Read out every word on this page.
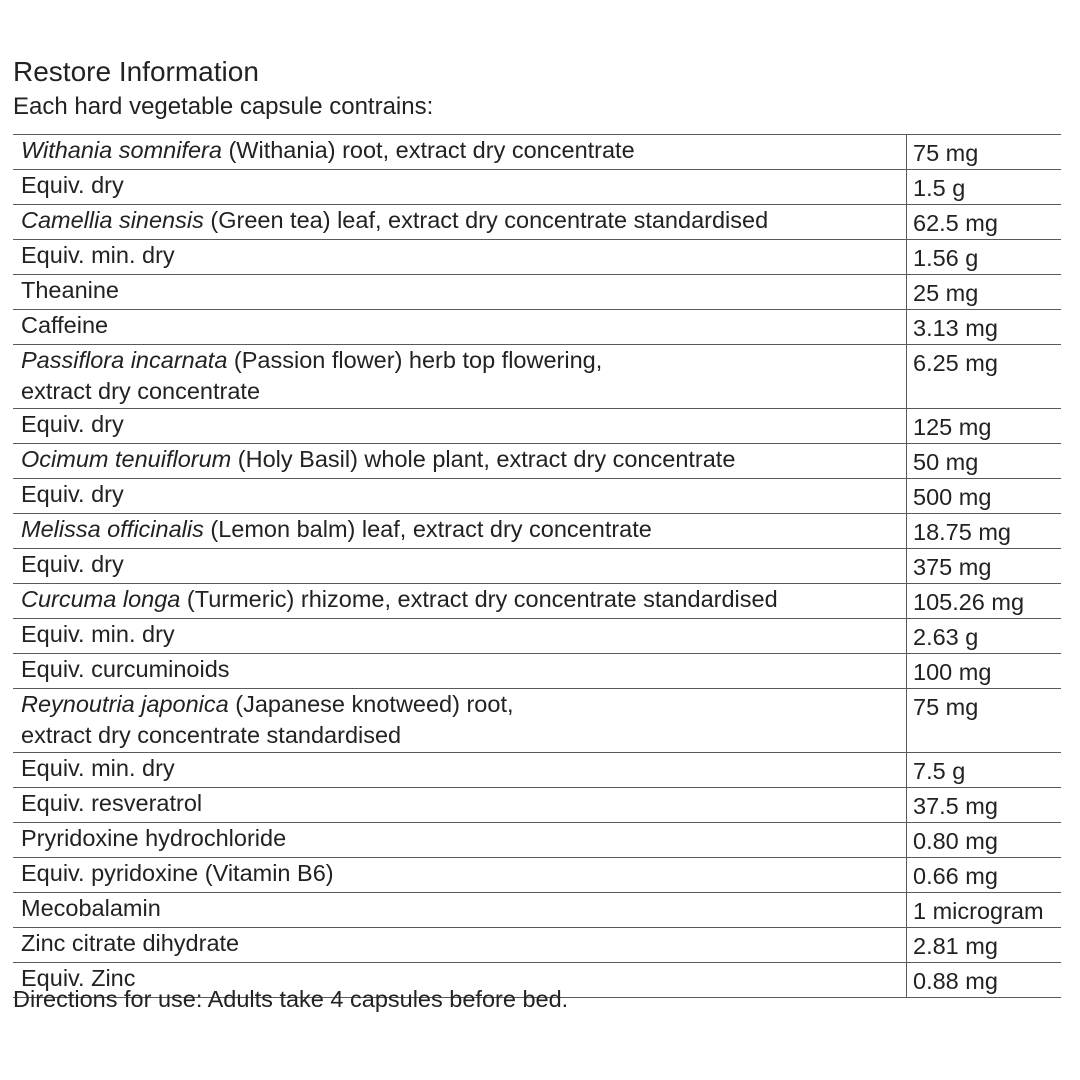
Restore Information
Each hard vegetable capsule contrains:
Withania somnifera (Withania) root, extract dry concentrate	75 mg

Equiv. dry	1.5 g

Camellia sinensis (Green tea) leaf, extract dry concentrate standardised	62.5 mg

Equiv. min. dry	1.56 g

Theanine	25 mg

Caffeine	3.13 mg

Passiflora incarnata (Passion flower) herb top flowering,
extract dry concentrate	6.25 mg

Equiv. dry	125 mg

Ocimum tenuiflorum (Holy Basil) whole plant, extract dry concentrate	50 mg

Equiv. dry	500 mg

Melissa officinalis (Lemon balm) leaf, extract dry concentrate	18.75 mg

Equiv. dry	375 mg

Curcuma longa (Turmeric) rhizome, extract dry concentrate standardised	105.26 mg

Equiv. min. dry	2.63 g

Equiv. curcuminoids	100 mg

Reynoutria japonica (Japanese knotweed) root,
extract dry concentrate standardised	75 mg

Equiv. min. dry	7.5 g

Equiv. resveratrol	37.5 mg

Pryridoxine hydrochloride	0.80 mg

Equiv. pyridoxine (Vitamin B6)	0.66 mg

Mecobalamin	1 microgram

Zinc citrate dihydrate	2.81 mg

Equiv. Zinc	0.88 mg
Directions for use: Adults take 4 capsules before bed.
